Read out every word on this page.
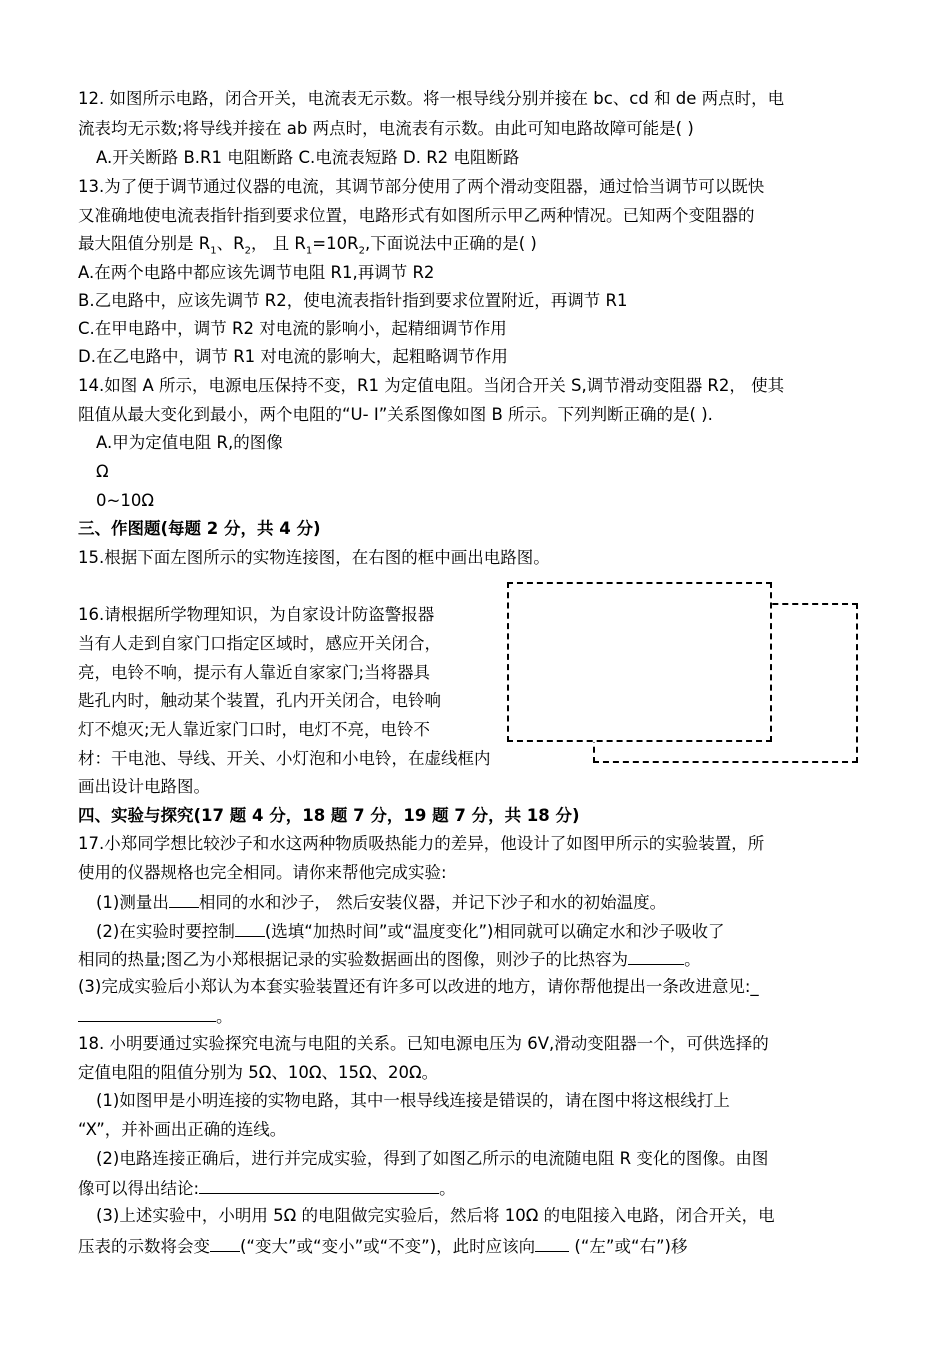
12. 如图所示电路，闭合开关，电流表无示数。将一根导线分别并接在 bc、cd 和 de 两点时，电
流表均无示数;将导线并接在 ab 两点时，电流表有示数。由此可知电路故障可能是( )
A.开关断路 B.R1 电阻断路 C.电流表短路 D. R2 电阻断路
13.为了便于调节通过仪器的电流，其调节部分使用了两个滑动变阻器，通过恰当调节可以既快
又准确地使电流表指针指到要求位置，电路形式有如图所示甲乙两种情况。已知两个变阻器的
最大阻值分别是 $R_1$、$R_2$， 且 $R_1=10R_2$,下面说法中正确的是( )
A.在两个电路中都应该先调节电阻 R1,再调节 R2
B.乙电路中，应该先调节 R2，使电流表指针指到要求位置附近，再调节 R1
C.在甲电路中，调节 R2 对电流的影响小，起精细调节作用
D.在乙电路中，调节 R1 对电流的影响大，起粗略调节作用
14.如图 A 所示，电源电压保持不变，R1 为定值电阻。当闭合开关 S,调节滑动变阻器 R2， 使其
阻值从最大变化到最小，两个电阻的“U- I”关系图像如图 B 所示。下列判断正确的是( ).
A.甲为定值电阻 R,的图像
Ω
0~10Ω
三、作图题(每题 2 分，共 4 分)
15.根据下面左图所示的实物连接图，在右图的框中画出电路图。
16.请根据所学物理知识，为自家设计防盗警报器
当有人走到自家门口指定区域时，感应开关闭合，
亮，电铃不响，提示有人靠近自家家门;当将器具
匙孔内时，触动某个装置，孔内开关闭合，电铃响
灯不熄灭;无人靠近家门口时，电灯不亮，电铃不
材：干电池、导线、开关、小灯泡和小电铃，在虚线框内
画出设计电路图。
四、实验与探究(17 题 4 分，18 题 7 分，19 题 7 分，共 18 分)
17.小郑同学想比较沙子和水这两种物质吸热能力的差异，他设计了如图甲所示的实验装置，所
使用的仪器规格也完全相同。请你来帮他完成实验:
(1)测量出 相同的水和沙子， 然后安装仪器，并记下沙子和水的初始温度。
(2)在实验时要控制 (选填“加热时间”或“温度变化”)相同就可以确定水和沙子吸收了
相同的热量;图乙为小郑根据记录的实验数据画出的图像，则沙子的比热容为	。
(3)完成实验后小郑认为本套实验装置还有许多可以改进的地方，请你帮他提出一条改进意见:_
。
18. 小明要通过实验探究电流与电阻的关系。已知电源电压为 6V,滑动变阻器一个，可供选择的
定值电阻的阻值分别为 5Ω、10Ω、15Ω、20Ω。
(1)如图甲是小明连接的实物电路，其中一根导线连接是错误的，请在图中将这根线打上
“X”，并补画出正确的连线。
(2)电路连接正确后，进行并完成实验，得到了如图乙所示的电流随电阻 R 变化的图像。由图
像可以得出结论:	。
(3)上述实验中，小明用 5Ω 的电阻做完实验后，然后将 10Ω 的电阻接入电路，闭合开关，电
压表的示数将会变 (“变大”或“变小”或“不变”)，此时应该向 (“左”或“右”)移
